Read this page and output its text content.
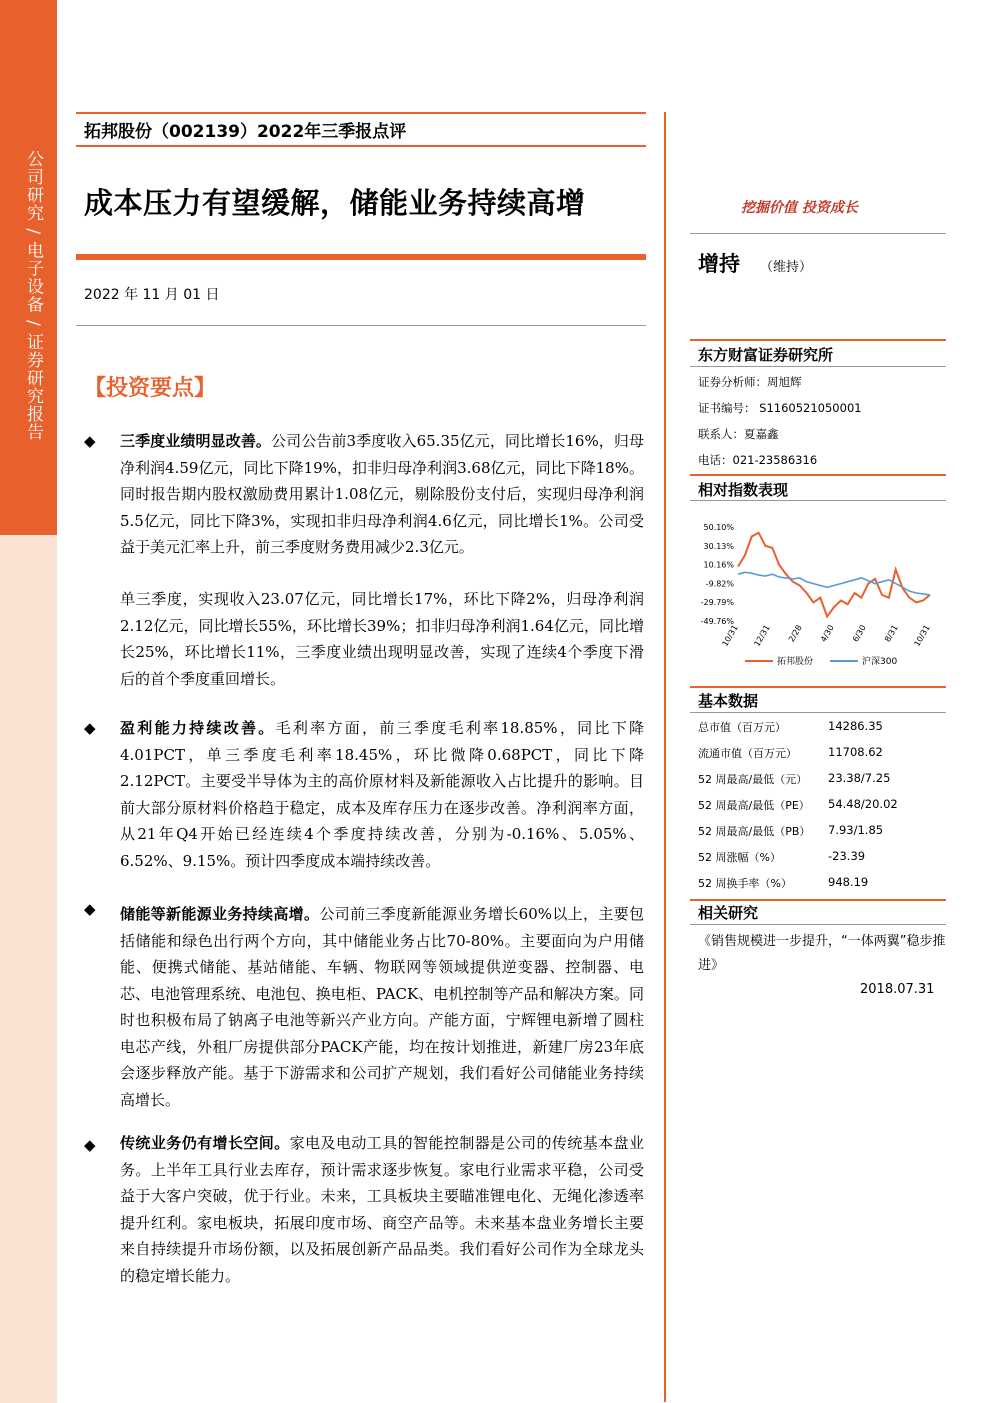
公司研究 / 电子设备 / 证券研究报告
拓邦股份（002139）2022年三季报点评
成本压力有望缓解，储能业务持续高增
2022 年 11 月 01 日
【投资要点】
◆ 三季度业绩明显改善。公司公告前3季度收入65.35亿元，同比增长16%，归母净利润4.59亿元，同比下降19%，扣非归母净利润3.68亿元，同比下降18%。同时报告期内股权激励费用累计1.08亿元，剔除股份支付后，实现归母净利润5.5亿元，同比下降3%，实现扣非归母净利润4.6亿元，同比增长1%。公司受益于美元汇率上升，前三季度财务费用减少2.3亿元。
单三季度，实现收入23.07亿元，同比增长17%，环比下降2%，归母净利润2.12亿元，同比增长55%，环比增长39%；扣非归母净利润1.64亿元，同比增长25%，环比增长11%，三季度业绩出现明显改善，实现了连续4个季度下滑后的首个季度重回增长。
◆ 盈利能力持续改善。毛利率方面，前三季度毛利率18.85%，同比下降4.01PCT，单三季度毛利率18.45%，环比微降0.68PCT，同比下降2.12PCT。主要受半导体为主的高价原材料及新能源收入占比提升的影响。目前大部分原材料价格趋于稳定，成本及库存压力在逐步改善。净利润率方面，从21年Q4开始已经连续4个季度持续改善，分别为-0.16%、5.05%、6.52%、9.15%。预计四季度成本端持续改善。
◆ 储能等新能源业务持续高增。公司前三季度新能源业务增长60%以上，主要包括储能和绿色出行两个方向，其中储能业务占比70-80%。主要面向为户用储能、便携式储能、基站储能、车辆、物联网等领域提供逆变器、控制器、电芯、电池管理系统、电池包、换电柜、PACK、电机控制等产品和解决方案。同时也积极布局了钠离子电池等新兴产业方向。产能方面，宁辉锂电新增了圆柱电芯产线，外租厂房提供部分PACK产能，均在按计划推进，新建厂房23年底会逐步释放产能。基于下游需求和公司扩产规划，我们看好公司储能业务持续高增长。
◆ 传统业务仍有增长空间。家电及电动工具的智能控制器是公司的传统基本盘业务。上半年工具行业去库存，预计需求逐步恢复。家电行业需求平稳，公司受益于大客户突破，优于行业。未来，工具板块主要瞄准锂电化、无绳化渗透率提升红利。家电板块，拓展印度市场、商空产品等。未来基本盘业务增长主要来自持续提升市场份额，以及拓展创新产品品类。我们看好公司作为全球龙头的稳定增长能力。
挖掘价值 投资成长
增持 （维持）
东方财富证券研究所
证券分析师：周旭辉
证书编号： S1160521050001
联系人：夏嘉鑫
电话：021-23586316
相对指数表现
50.10%
30.13%
10.16%
-9.82%
-29.79%
-49.76%
10/31 12/31 2/28 4/30 6/30 8/31 10/31
拓邦股份	沪深300
基本数据
总市值（百万元）	14286.35
流通市值（百万元）	11708.62
52 周最高/最低（元） 23.38/7.25
52 周最高/最低（PE） 54.48/20.02
52 周最高/最低（PB） 7.93/1.85
52 周涨幅（%）	-23.39
52 周换手率（%）	948.19
相关研究
《销售规模进一步提升，“一体两翼”稳步推进》
2018.07.31
